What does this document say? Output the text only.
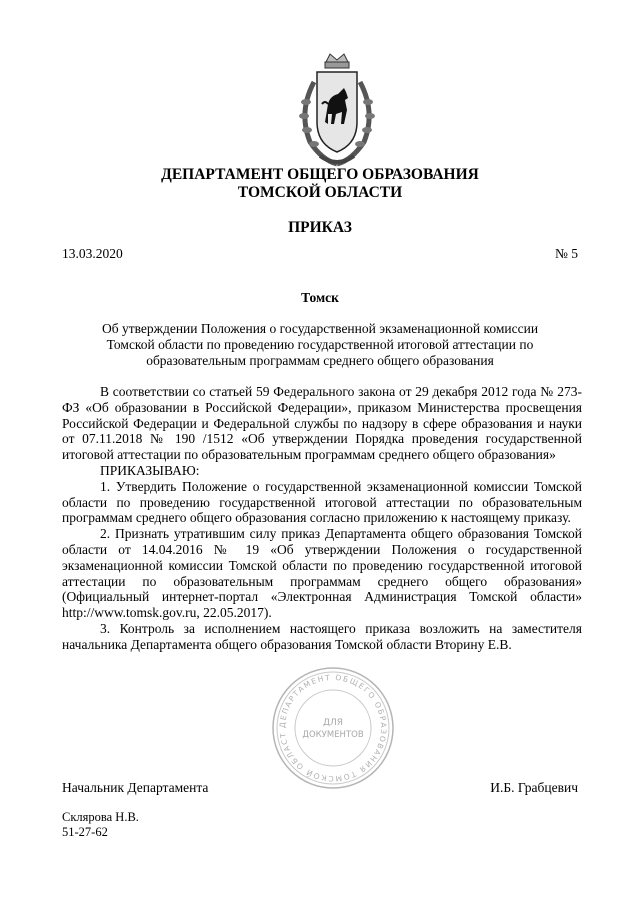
ДЕПАРТАМЕНТ ОБЩЕГО ОБРАЗОВАНИЯ
ТОМСКОЙ ОБЛАСТИ
ПРИКАЗ
13.03.2020	№ 5
Томск
Об утверждении Положения о государственной экзаменационной комиссии
Томской области по проведению государственной итоговой аттестации по
образовательным программам среднего общего образования

В соответствии со статьей 59 Федерального закона от 29 декабря 2012 года № 273-ФЗ «Об образовании в Российской Федерации», приказом Министерства просвещения Российской Федерации и Федеральной службы по надзору в сфере образования и науки от 07.11.2018 № 190 /1512 «Об утверждении Порядка проведения государственной итоговой аттестации по образовательным программам среднего общего образования»

ПРИКАЗЫВАЮ:

1. Утвердить Положение о государственной экзаменационной комиссии Томской области по проведению государственной итоговой аттестации по образовательным программам среднего общего образования согласно приложению к настоящему приказу.

2. Признать утратившим силу приказ Департамента общего образования Томской области от 14.04.2016 № 19 «Об утверждении Положения о государственной экзаменационной комиссии Томской области по проведению государственной итоговой аттестации по образовательным программам среднего общего образования» (Официальный интернет-портал «Электронная Администрация Томской области» http://www.tomsk.gov.ru, 22.05.2017).

3. Контроль за исполнением настоящего приказа возложить на заместителя начальника Департамента общего образования Томской области Вторину Е.В.

ДЕПАРТАМЕНТ ОБЩЕГО ОБРАЗОВАНИЯ ТОМСКОЙ ОБЛАСТ
ДЛЯ
ДОКУМЕНТОВ
Начальник Департамента	И.Б. Грабцевич
Склярова Н.В.
51-27-62
